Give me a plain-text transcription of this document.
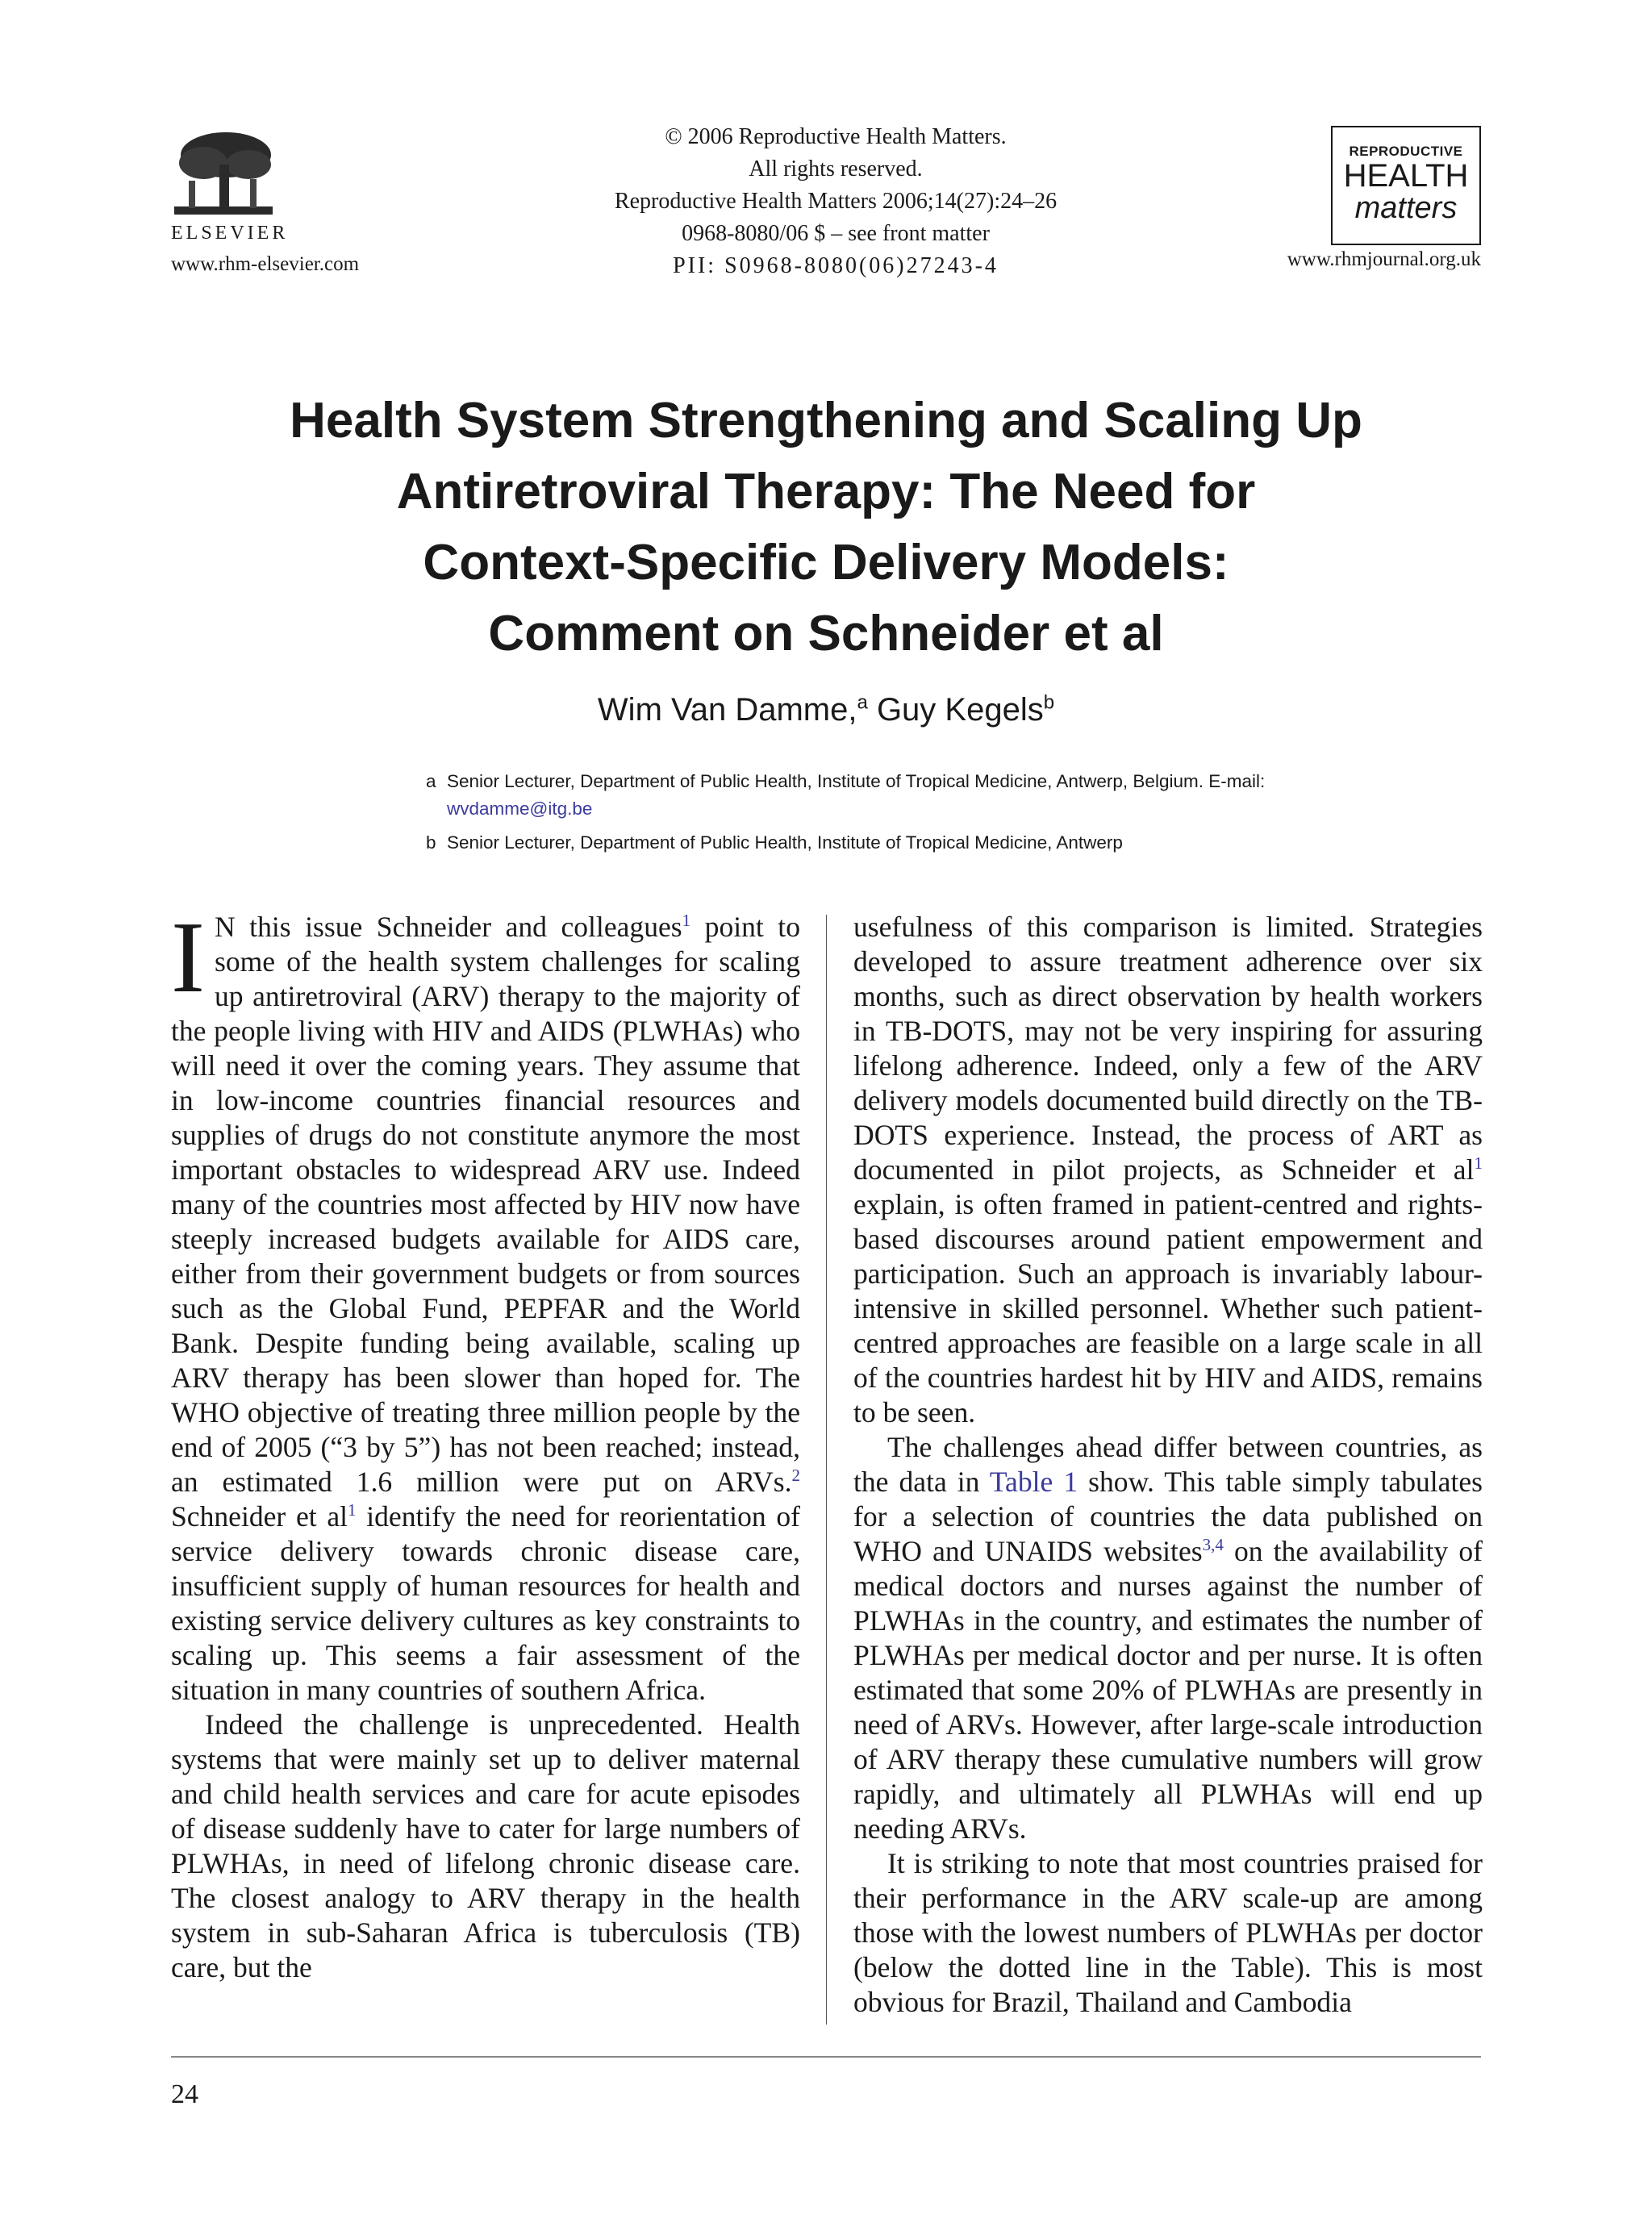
ELSEVIER
www.rhm-elsevier.com
© 2006 Reproductive Health Matters.
All rights reserved.
Reproductive Health Matters 2006;14(27):24–26
0968-8080/06 $ – see front matter
PII: S0968-8080(06)27243-4
REPRODUCTIVE
HEALTH
matters
www.rhmjournal.org.uk
Health System Strengthening and Scaling Up
Antiretroviral Therapy: The Need for
Context-Specific Delivery Models:
Comment on Schneider et al
Wim Van Damme,$^a$ Guy Kegels$^b$
a Senior Lecturer, Department of Public Health, Institute of Tropical Medicine, Antwerp, Belgium. E-mail: wvdamme@itg.be
b Senior Lecturer, Department of Public Health, Institute of Tropical Medicine, Antwerp

I N this issue Schneider and colleagues$^1$ point to some of the health system challenges for scaling up antiretroviral (ARV) therapy to the majority of the people living with HIV and AIDS (PLWHAs) who will need it over the coming years. They assume that in low-income countries financial resources and supplies of drugs do not constitute anymore the most important obstacles to widespread ARV use. Indeed many of the countries most affected by HIV now have steeply increased budgets available for AIDS care, either from their government budgets or from sources such as the Global Fund, PEPFAR and the World Bank. Despite funding being available, scaling up ARV therapy has been slower than hoped for. The WHO objective of treating three million people by the end of 2005 (“3 by 5”) has not been reached; instead, an estimated 1.6 million were put on ARVs.$^2$ Schneider et $al^1$ identify the need for reorientation of service delivery towards chronic disease care, insufficient supply of human resources for health and existing service delivery cultures as key constraints to scaling up. This seems a fair assessment of the situation in many countries of southern Africa.

Indeed the challenge is unprecedented. Health systems that were mainly set up to deliver maternal and child health services and care for acute episodes of disease suddenly have to cater for large numbers of PLWHAs, in need of lifelong chronic disease care. The closest analogy to ARV therapy in the health system in sub-Saharan Africa is tuberculosis (TB) care, but the

usefulness of this comparison is limited. Strategies developed to assure treatment adherence over six months, such as direct observation by health workers in TB-DOTS, may not be very inspiring for assuring lifelong adherence. Indeed, only a few of the ARV delivery models documented build directly on the TB-DOTS experience. Instead, the process of ART as documented in pilot projects, as Schneider et $al^1$ explain, is often framed in patient-centred and rights-based discourses around patient empowerment and participation. Such an approach is invariably labour-intensive in skilled personnel. Whether such patient-centred approaches are feasible on a large scale in all of the countries hardest hit by HIV and AIDS, remains to be seen.

The challenges ahead differ between countries, as the data in Table 1 show. This table simply tabulates for a selection of countries the data published on WHO and UNAIDS websites$^{3,4}$ on the availability of medical doctors and nurses against the number of PLWHAs in the country, and estimates the number of PLWHAs per medical doctor and per nurse. It is often estimated that some 20% of PLWHAs are presently in need of ARVs. However, after large-scale introduction of ARV therapy these cumulative numbers will grow rapidly, and ultimately all PLWHAs will end up needing ARVs.

It is striking to note that most countries praised for their performance in the ARV scale-up are among those with the lowest numbers of PLWHAs per doctor (below the dotted line in the Table). This is most obvious for Brazil, Thailand and Cambodia

24
